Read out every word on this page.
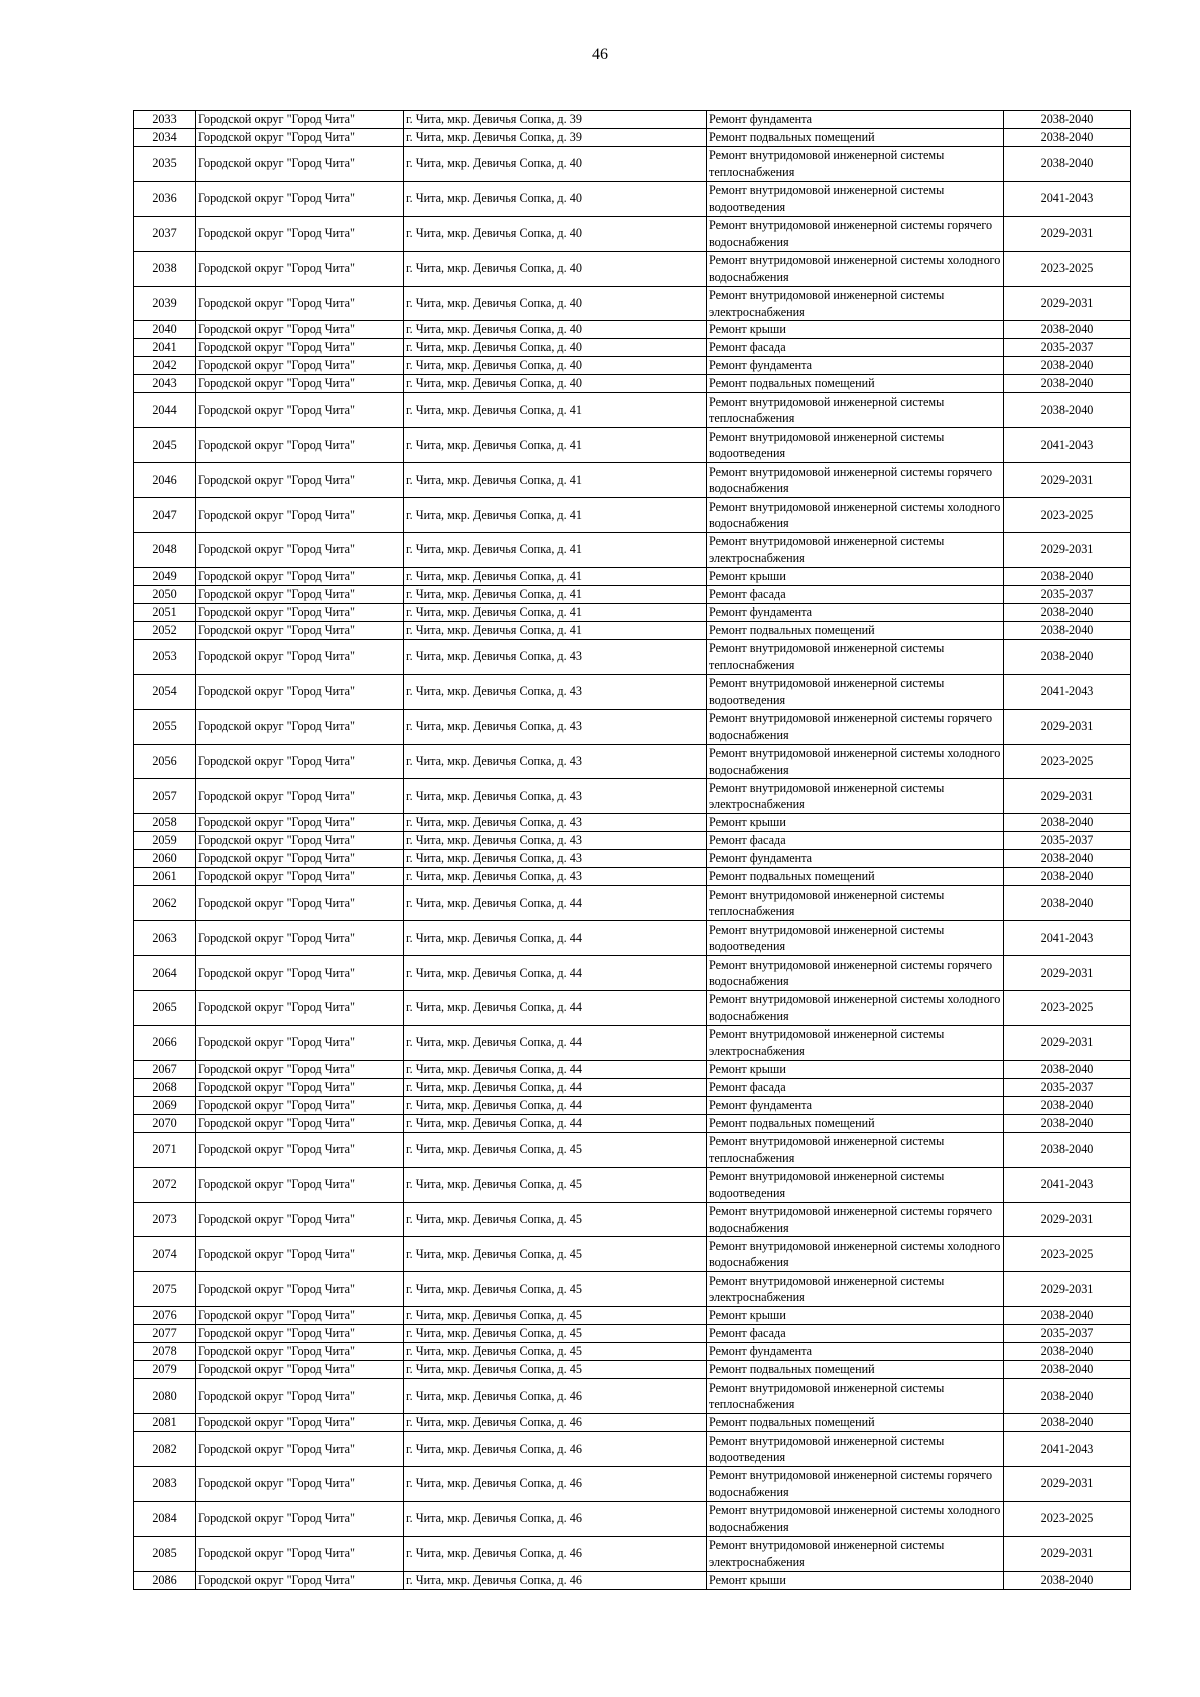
46
2033	Городской округ "Город Чита"	г. Чита, мкр. Девичья Сопка, д. 39	Ремонт фундамента	2038-2040
2034	Городской округ "Город Чита"	г. Чита, мкр. Девичья Сопка, д. 39	Ремонт подвальных помещений	2038-2040
2035	Городской округ "Город Чита"	г. Чита, мкр. Девичья Сопка, д. 40	Ремонт внутридомовой инженерной системы теплоснабжения	2038-2040
2036	Городской округ "Город Чита"	г. Чита, мкр. Девичья Сопка, д. 40	Ремонт внутридомовой инженерной системы водоотведения	2041-2043
2037	Городской округ "Город Чита"	г. Чита, мкр. Девичья Сопка, д. 40	Ремонт внутридомовой инженерной системы горячего водоснабжения	2029-2031
2038	Городской округ "Город Чита"	г. Чита, мкр. Девичья Сопка, д. 40	Ремонт внутридомовой инженерной системы холодного водоснабжения	2023-2025
2039	Городской округ "Город Чита"	г. Чита, мкр. Девичья Сопка, д. 40	Ремонт внутридомовой инженерной системы электроснабжения	2029-2031
2040	Городской округ "Город Чита"	г. Чита, мкр. Девичья Сопка, д. 40	Ремонт крыши	2038-2040
2041	Городской округ "Город Чита"	г. Чита, мкр. Девичья Сопка, д. 40	Ремонт фасада	2035-2037
2042	Городской округ "Город Чита"	г. Чита, мкр. Девичья Сопка, д. 40	Ремонт фундамента	2038-2040
2043	Городской округ "Город Чита"	г. Чита, мкр. Девичья Сопка, д. 40	Ремонт подвальных помещений	2038-2040
2044	Городской округ "Город Чита"	г. Чита, мкр. Девичья Сопка, д. 41	Ремонт внутридомовой инженерной системы теплоснабжения	2038-2040
2045	Городской округ "Город Чита"	г. Чита, мкр. Девичья Сопка, д. 41	Ремонт внутридомовой инженерной системы водоотведения	2041-2043
2046	Городской округ "Город Чита"	г. Чита, мкр. Девичья Сопка, д. 41	Ремонт внутридомовой инженерной системы горячего водоснабжения	2029-2031
2047	Городской округ "Город Чита"	г. Чита, мкр. Девичья Сопка, д. 41	Ремонт внутридомовой инженерной системы холодного водоснабжения	2023-2025
2048	Городской округ "Город Чита"	г. Чита, мкр. Девичья Сопка, д. 41	Ремонт внутридомовой инженерной системы электроснабжения	2029-2031
2049	Городской округ "Город Чита"	г. Чита, мкр. Девичья Сопка, д. 41	Ремонт крыши	2038-2040
2050	Городской округ "Город Чита"	г. Чита, мкр. Девичья Сопка, д. 41	Ремонт фасада	2035-2037
2051	Городской округ "Город Чита"	г. Чита, мкр. Девичья Сопка, д. 41	Ремонт фундамента	2038-2040
2052	Городской округ "Город Чита"	г. Чита, мкр. Девичья Сопка, д. 41	Ремонт подвальных помещений	2038-2040
2053	Городской округ "Город Чита"	г. Чита, мкр. Девичья Сопка, д. 43	Ремонт внутридомовой инженерной системы теплоснабжения	2038-2040
2054	Городской округ "Город Чита"	г. Чита, мкр. Девичья Сопка, д. 43	Ремонт внутридомовой инженерной системы водоотведения	2041-2043
2055	Городской округ "Город Чита"	г. Чита, мкр. Девичья Сопка, д. 43	Ремонт внутридомовой инженерной системы горячего водоснабжения	2029-2031
2056	Городской округ "Город Чита"	г. Чита, мкр. Девичья Сопка, д. 43	Ремонт внутридомовой инженерной системы холодного водоснабжения	2023-2025
2057	Городской округ "Город Чита"	г. Чита, мкр. Девичья Сопка, д. 43	Ремонт внутридомовой инженерной системы электроснабжения	2029-2031
2058	Городской округ "Город Чита"	г. Чита, мкр. Девичья Сопка, д. 43	Ремонт крыши	2038-2040
2059	Городской округ "Город Чита"	г. Чита, мкр. Девичья Сопка, д. 43	Ремонт фасада	2035-2037
2060	Городской округ "Город Чита"	г. Чита, мкр. Девичья Сопка, д. 43	Ремонт фундамента	2038-2040
2061	Городской округ "Город Чита"	г. Чита, мкр. Девичья Сопка, д. 43	Ремонт подвальных помещений	2038-2040
2062	Городской округ "Город Чита"	г. Чита, мкр. Девичья Сопка, д. 44	Ремонт внутридомовой инженерной системы теплоснабжения	2038-2040
2063	Городской округ "Город Чита"	г. Чита, мкр. Девичья Сопка, д. 44	Ремонт внутридомовой инженерной системы водоотведения	2041-2043
2064	Городской округ "Город Чита"	г. Чита, мкр. Девичья Сопка, д. 44	Ремонт внутридомовой инженерной системы горячего водоснабжения	2029-2031
2065	Городской округ "Город Чита"	г. Чита, мкр. Девичья Сопка, д. 44	Ремонт внутридомовой инженерной системы холодного водоснабжения	2023-2025
2066	Городской округ "Город Чита"	г. Чита, мкр. Девичья Сопка, д. 44	Ремонт внутридомовой инженерной системы электроснабжения	2029-2031
2067	Городской округ "Город Чита"	г. Чита, мкр. Девичья Сопка, д. 44	Ремонт крыши	2038-2040
2068	Городской округ "Город Чита"	г. Чита, мкр. Девичья Сопка, д. 44	Ремонт фасада	2035-2037
2069	Городской округ "Город Чита"	г. Чита, мкр. Девичья Сопка, д. 44	Ремонт фундамента	2038-2040
2070	Городской округ "Город Чита"	г. Чита, мкр. Девичья Сопка, д. 44	Ремонт подвальных помещений	2038-2040
2071	Городской округ "Город Чита"	г. Чита, мкр. Девичья Сопка, д. 45	Ремонт внутридомовой инженерной системы теплоснабжения	2038-2040
2072	Городской округ "Город Чита"	г. Чита, мкр. Девичья Сопка, д. 45	Ремонт внутридомовой инженерной системы водоотведения	2041-2043
2073	Городской округ "Город Чита"	г. Чита, мкр. Девичья Сопка, д. 45	Ремонт внутридомовой инженерной системы горячего водоснабжения	2029-2031
2074	Городской округ "Город Чита"	г. Чита, мкр. Девичья Сопка, д. 45	Ремонт внутридомовой инженерной системы холодного водоснабжения	2023-2025
2075	Городской округ "Город Чита"	г. Чита, мкр. Девичья Сопка, д. 45	Ремонт внутридомовой инженерной системы электроснабжения	2029-2031
2076	Городской округ "Город Чита"	г. Чита, мкр. Девичья Сопка, д. 45	Ремонт крыши	2038-2040
2077	Городской округ "Город Чита"	г. Чита, мкр. Девичья Сопка, д. 45	Ремонт фасада	2035-2037
2078	Городской округ "Город Чита"	г. Чита, мкр. Девичья Сопка, д. 45	Ремонт фундамента	2038-2040
2079	Городской округ "Город Чита"	г. Чита, мкр. Девичья Сопка, д. 45	Ремонт подвальных помещений	2038-2040
2080	Городской округ "Город Чита"	г. Чита, мкр. Девичья Сопка, д. 46	Ремонт внутридомовой инженерной системы теплоснабжения	2038-2040
2081	Городской округ "Город Чита"	г. Чита, мкр. Девичья Сопка, д. 46	Ремонт подвальных помещений	2038-2040
2082	Городской округ "Город Чита"	г. Чита, мкр. Девичья Сопка, д. 46	Ремонт внутридомовой инженерной системы водоотведения	2041-2043
2083	Городской округ "Город Чита"	г. Чита, мкр. Девичья Сопка, д. 46	Ремонт внутридомовой инженерной системы горячего водоснабжения	2029-2031
2084	Городской округ "Город Чита"	г. Чита, мкр. Девичья Сопка, д. 46	Ремонт внутридомовой инженерной системы холодного водоснабжения	2023-2025
2085	Городской округ "Город Чита"	г. Чита, мкр. Девичья Сопка, д. 46	Ремонт внутридомовой инженерной системы электроснабжения	2029-2031
2086	Городской округ "Город Чита"	г. Чита, мкр. Девичья Сопка, д. 46	Ремонт крыши	2038-2040
